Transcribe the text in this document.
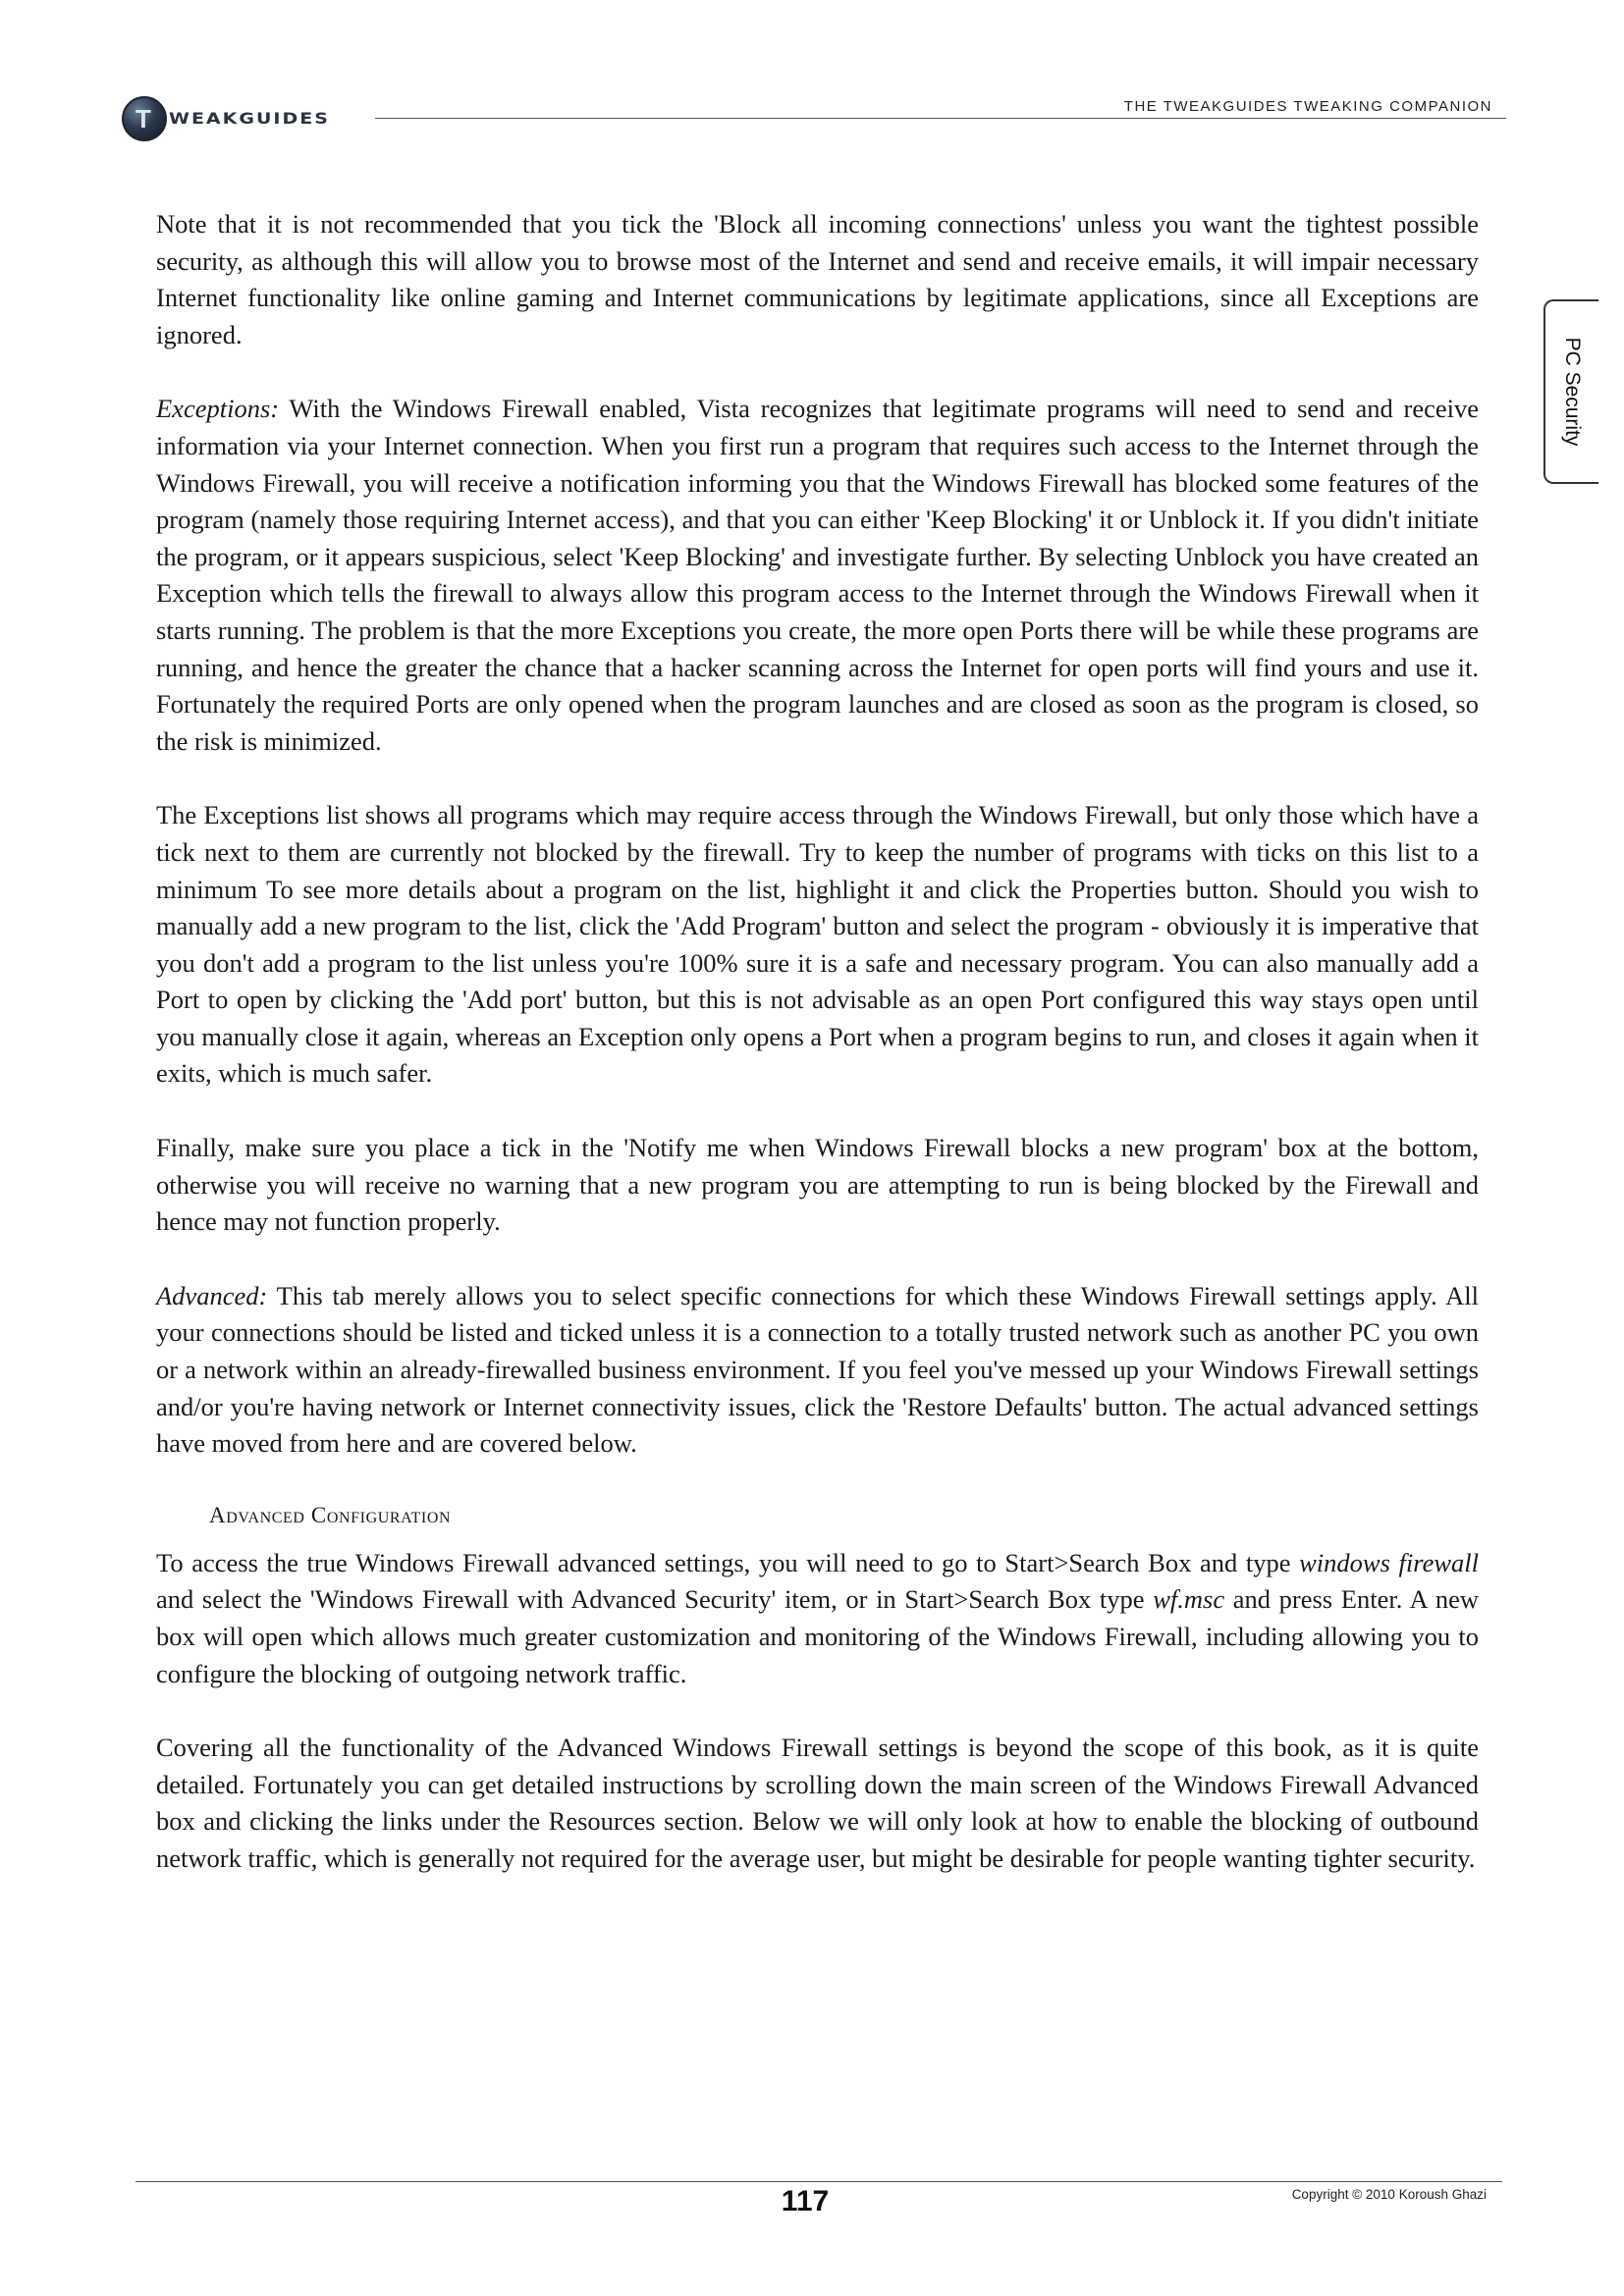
T WEAKGUIDES
THE TWEAKGUIDES TWEAKING COMPANION
PC Security

Note that it is not recommended that you tick the 'Block all incoming connections' unless you want the tightest possible security, as although this will allow you to browse most of the Internet and send and receive emails, it will impair necessary Internet functionality like online gaming and Internet communications by legitimate applications, since all Exceptions are ignored.

Exceptions: With the Windows Firewall enabled, Vista recognizes that legitimate programs will need to send and receive information via your Internet connection. When you first run a program that requires such access to the Internet through the Windows Firewall, you will receive a notification informing you that the Windows Firewall has blocked some features of the program (namely those requiring Internet access), and that you can either 'Keep Blocking' it or Unblock it. If you didn't initiate the program, or it appears suspicious, select 'Keep Blocking' and investigate further. By selecting Unblock you have created an Exception which tells the firewall to always allow this program access to the Internet through the Windows Firewall when it starts running. The problem is that the more Exceptions you create, the more open Ports there will be while these programs are running, and hence the greater the chance that a hacker scanning across the Internet for open ports will find yours and use it. Fortunately the required Ports are only opened when the program launches and are closed as soon as the program is closed, so the risk is minimized.

The Exceptions list shows all programs which may require access through the Windows Firewall, but only those which have a tick next to them are currently not blocked by the firewall. Try to keep the number of programs with ticks on this list to a minimum To see more details about a program on the list, highlight it and click the Properties button. Should you wish to manually add a new program to the list, click the 'Add Program' button and select the program - obviously it is imperative that you don't add a program to the list unless you're 100% sure it is a safe and necessary program. You can also manually add a Port to open by clicking the 'Add port' button, but this is not advisable as an open Port configured this way stays open until you manually close it again, whereas an Exception only opens a Port when a program begins to run, and closes it again when it exits, which is much safer.

Finally, make sure you place a tick in the 'Notify me when Windows Firewall blocks a new program' box at the bottom, otherwise you will receive no warning that a new program you are attempting to run is being blocked by the Firewall and hence may not function properly.

Advanced: This tab merely allows you to select specific connections for which these Windows Firewall settings apply. All your connections should be listed and ticked unless it is a connection to a totally trusted network such as another PC you own or a network within an already-firewalled business environment. If you feel you've messed up your Windows Firewall settings and/or you're having network or Internet connectivity issues, click the 'Restore Defaults' button. The actual advanced settings have moved from here and are covered below.

Advanced Configuration

To access the true Windows Firewall advanced settings, you will need to go to Start>Search Box and type windows firewall and select the 'Windows Firewall with Advanced Security' item, or in Start>Search Box type wf.msc and press Enter. A new box will open which allows much greater customization and monitoring of the Windows Firewall, including allowing you to configure the blocking of outgoing network traffic.

Covering all the functionality of the Advanced Windows Firewall settings is beyond the scope of this book, as it is quite detailed. Fortunately you can get detailed instructions by scrolling down the main screen of the Windows Firewall Advanced box and clicking the links under the Resources section. Below we will only look at how to enable the blocking of outbound network traffic, which is generally not required for the average user, but might be desirable for people wanting tighter security.

117	Copyright © 2010 Koroush Ghazi
